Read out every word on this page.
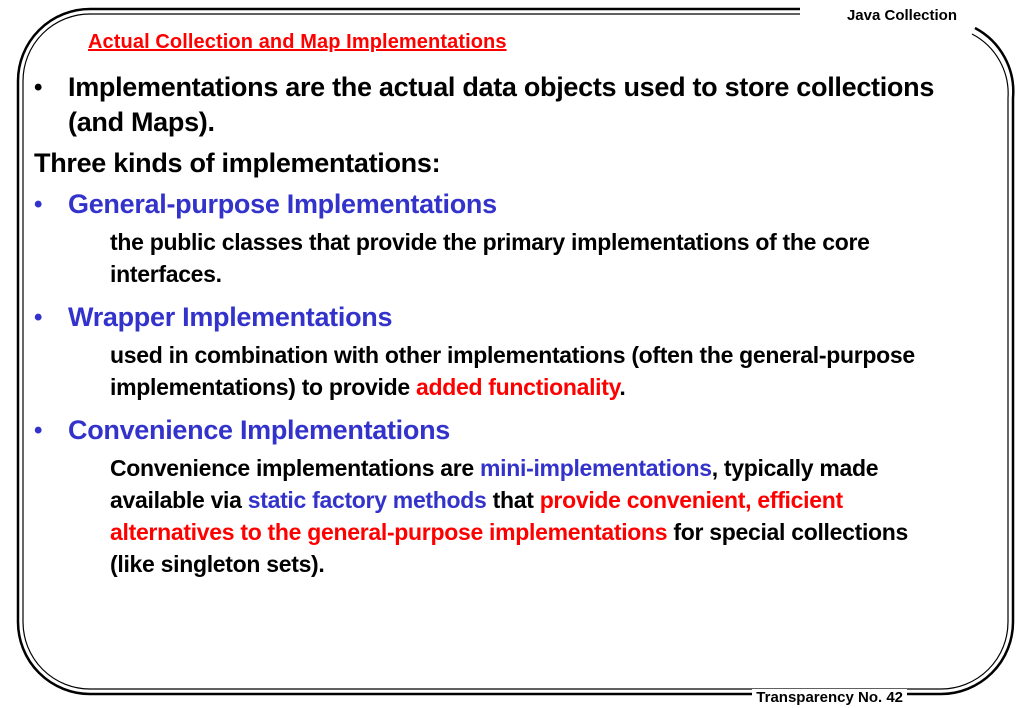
Java Collection
Transparency No. 42
Actual Collection and Map Implementations
• Implementations are the actual data objects used to store collections (and Maps).
Three kinds of implementations:
• General-purpose Implementations
the public classes that provide the primary implementations of the core interfaces.
• Wrapper Implementations
used in combination with other implementations (often the general-purpose implementations) to provide added functionality.
• Convenience Implementations
Convenience implementations are mini-implementations, typically made available via static factory methods that provide convenient, efficient alternatives to the general-purpose implementations for special collections (like singleton sets).
